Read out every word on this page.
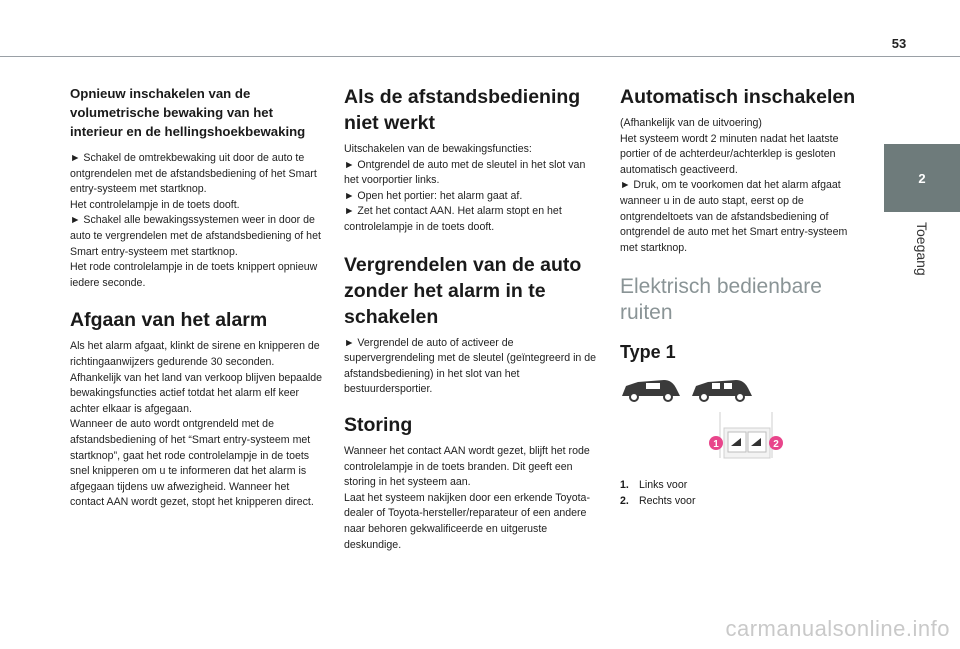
53
2
Toegang
Opnieuw inschakelen van de volumetrische bewaking van het interieur en de hellingshoekbewaking

► Schakel de omtrekbewaking uit door de auto te ontgrendelen met de afstandsbediening of het Smart entry-systeem met startknop.

Het controlelampje in de toets dooft.

► Schakel alle bewakingssystemen weer in door de auto te vergrendelen met de afstandsbediening of het Smart entry-systeem met startknop.

Het rode controlelampje in de toets knippert opnieuw iedere seconde.

Afgaan van het alarm

Als het alarm afgaat, klinkt de sirene en knipperen de richtingaanwijzers gedurende 30 seconden.

Afhankelijk van het land van verkoop blijven bepaalde bewakingsfuncties actief totdat het alarm elf keer achter elkaar is afgegaan.

Wanneer de auto wordt ontgrendeld met de afstandsbediening of het “Smart entry-systeem met startknop”, gaat het rode controlelampje in de toets snel knipperen om u te informeren dat het alarm is afgegaan tijdens uw afwezigheid. Wanneer het contact AAN wordt gezet, stopt het knipperen direct.

Als de afstandsbediening niet werkt

Uitschakelen van de bewakingsfuncties:

► Ontgrendel de auto met de sleutel in het slot van het voorportier links.

► Open het portier: het alarm gaat af.

► Zet het contact AAN. Het alarm stopt en het controlelampje in de toets dooft.

Vergrendelen van de auto zonder het alarm in te schakelen

► Vergrendel de auto of activeer de supervergrendeling met de sleutel (geïntegreerd in de afstandsbediening) in het slot van het bestuurdersportier.

Storing

Wanneer het contact AAN wordt gezet, blijft het rode controlelampje in de toets branden. Dit geeft een storing in het systeem aan.

Laat het systeem nakijken door een erkende Toyota-dealer of Toyota-hersteller/reparateur of een andere naar behoren gekwalificeerde en uitgeruste deskundige.

Automatisch inschakelen

(Afhankelijk van de uitvoering)

Het systeem wordt 2 minuten nadat het laatste portier of de achterdeur/achterklep is gesloten automatisch geactiveerd.

► Druk, om te voorkomen dat het alarm afgaat wanneer u in de auto stapt, eerst op de ontgrendeltoets van de afstandsbediening of ontgrendel de auto met het Smart entry-systeem met startknop.

Elektrisch bedienbare ruiten
Type 1
1	2
1. Links voor
2. Rechts voor
carmanualsonline.info
